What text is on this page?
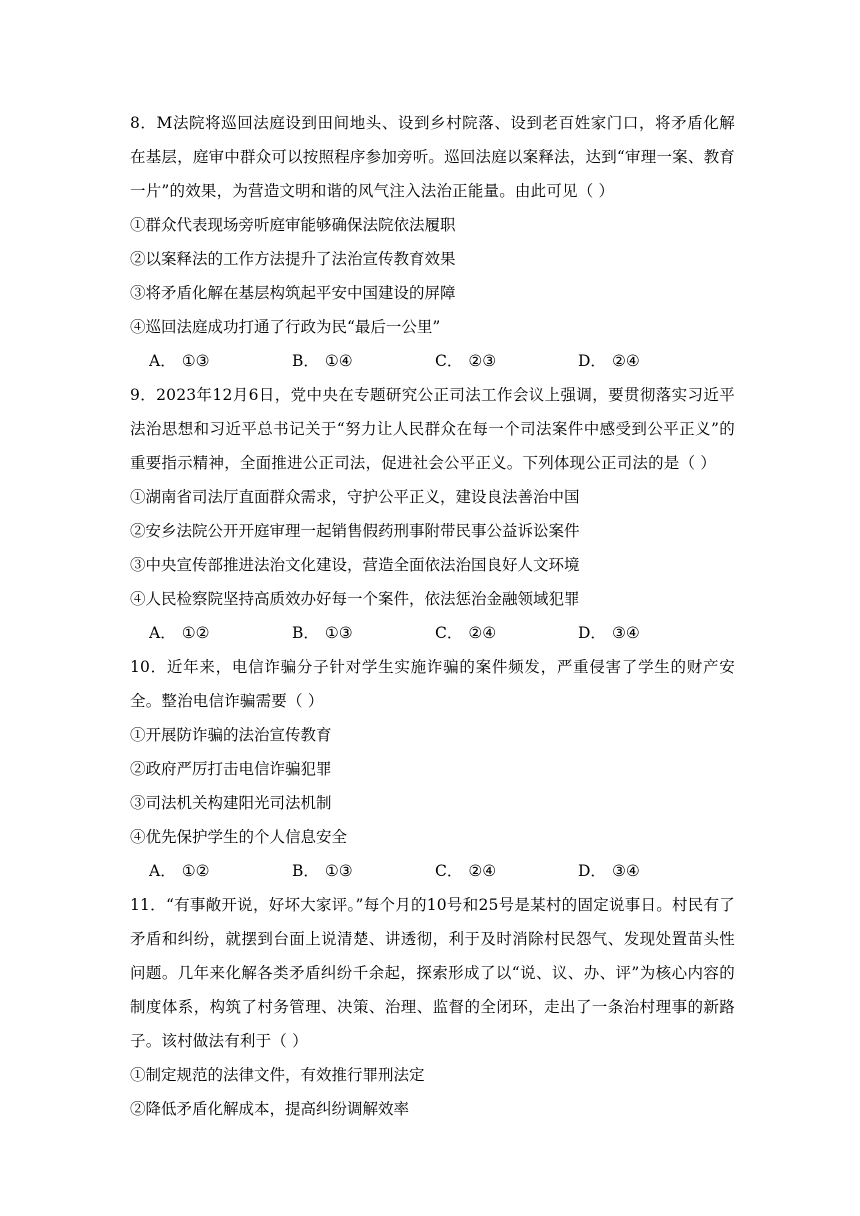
8．M法院将巡回法庭设到田间地头、设到乡村院落、设到老百姓家门口，将矛盾化解在基层，庭审中群众可以按照程序参加旁听。巡回法庭以案释法，达到“审理一案、教育一片”的效果，为营造文明和谐的风气注入法治正能量。由此可见（ ）
①群众代表现场旁听庭审能够确保法院依法履职
②以案释法的工作方法提升了法治宣传教育效果
③将矛盾化解在基层构筑起平安中国建设的屏障
④巡回法庭成功打通了行政为民“最后一公里”
A． ①③	B． ①④	C． ②③	D． ②④
9．2023年12月6日，党中央在专题研究公正司法工作会议上强调，要贯彻落实习近平法治思想和习近平总书记关于“努力让人民群众在每一个司法案件中感受到公平正义”的重要指示精神，全面推进公正司法，促进社会公平正义。下列体现公正司法的是（ ）
①湖南省司法厅直面群众需求，守护公平正义，建设良法善治中国
②安乡法院公开开庭审理一起销售假药刑事附带民事公益诉讼案件
③中央宣传部推进法治文化建设，营造全面依法治国良好人文环境
④人民检察院坚持高质效办好每一个案件，依法惩治金融领域犯罪
A． ①②	B． ①③	C． ②④	D． ③④
10．近年来，电信诈骗分子针对学生实施诈骗的案件频发，严重侵害了学生的财产安全。整治电信诈骗需要（ ）
①开展防诈骗的法治宣传教育
②政府严厉打击电信诈骗犯罪
③司法机关构建阳光司法机制
④优先保护学生的个人信息安全
A． ①②	B． ①③	C． ②④	D． ③④
11．“有事敞开说，好坏大家评。”每个月的10号和25号是某村的固定说事日。村民有了矛盾和纠纷，就摆到台面上说清楚、讲透彻，利于及时消除村民怨气、发现处置苗头性问题。几年来化解各类矛盾纠纷千余起，探索形成了以“说、议、办、评”为核心内容的制度体系，构筑了村务管理、决策、治理、监督的全闭环，走出了一条治村理事的新路子。该村做法有利于（ ）
①制定规范的法律文件，有效推行罪刑法定
②降低矛盾化解成本，提高纠纷调解效率
